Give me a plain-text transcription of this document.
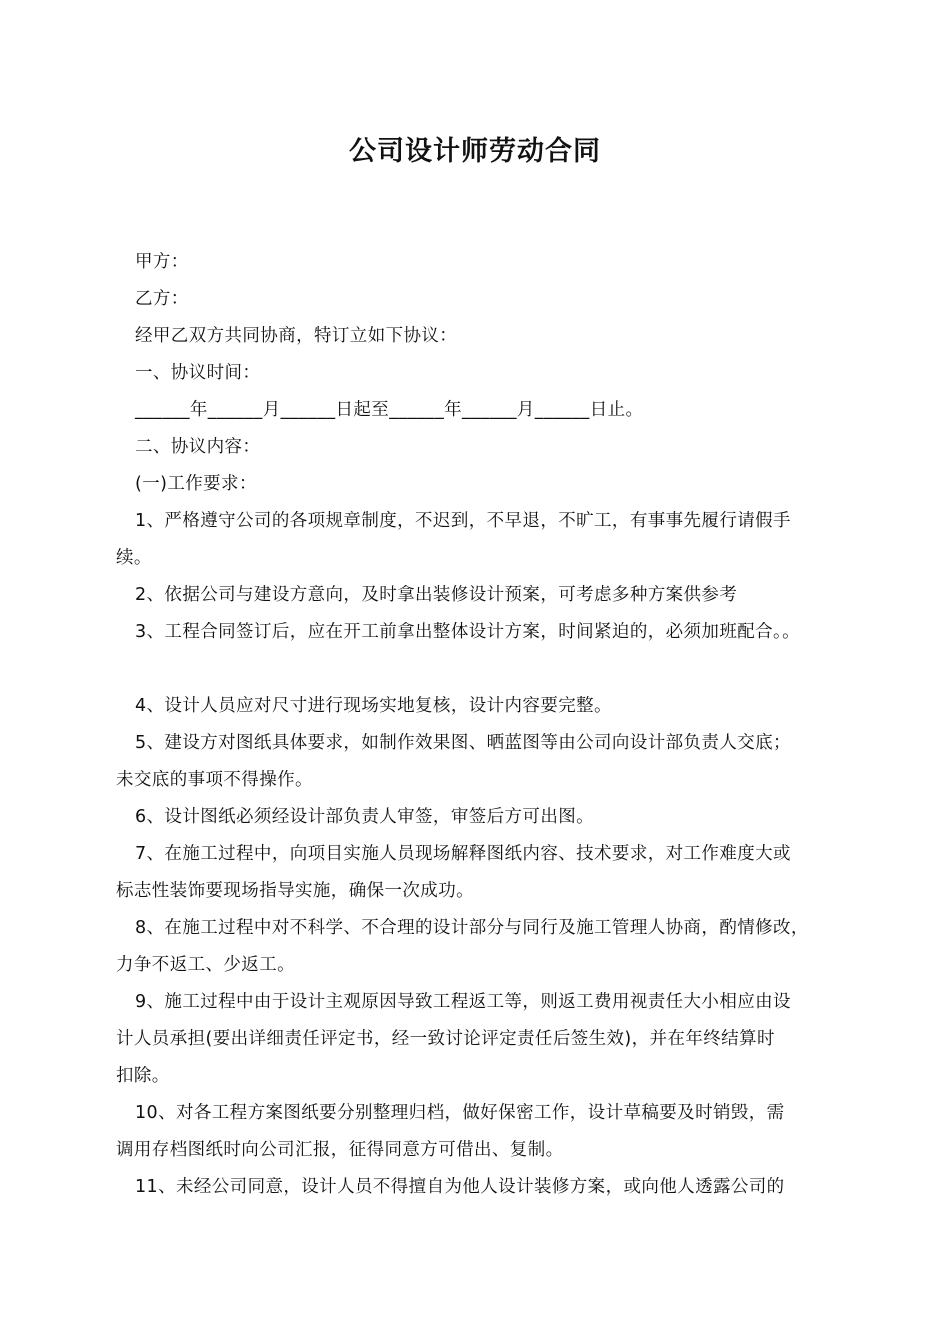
公司设计师劳动合同

甲方：

乙方：

经甲乙双方共同协商，特订立如下协议：

一、协议时间：

______年______月______日起至______年______月______日止。

二、协议内容：

(一)工作要求：

1、严格遵守公司的各项规章制度，不迟到，不早退，不旷工，有事事先履行请假手

续。

2、依据公司与建设方意向，及时拿出装修设计预案，可考虑多种方案供参考

3、工程合同签订后，应在开工前拿出整体设计方案，时间紧迫的，必须加班配合。。

4、设计人员应对尺寸进行现场实地复核，设计内容要完整。

5、建设方对图纸具体要求，如制作效果图、晒蓝图等由公司向设计部负责人交底；

未交底的事项不得操作。

6、设计图纸必须经设计部负责人审签，审签后方可出图。

7、在施工过程中，向项目实施人员现场解释图纸内容、技术要求，对工作难度大或

标志性装饰要现场指导实施，确保一次成功。

8、在施工过程中对不科学、不合理的设计部分与同行及施工管理人协商，酌情修改，

力争不返工、少返工。

9、施工过程中由于设计主观原因导致工程返工等，则返工费用视责任大小相应由设

计人员承担(要出详细责任评定书，经一致讨论评定责任后签生效)，并在年终结算时

扣除。

10、对各工程方案图纸要分别整理归档，做好保密工作，设计草稿要及时销毁，需

调用存档图纸时向公司汇报，征得同意方可借出、复制。

11、未经公司同意，设计人员不得擅自为他人设计装修方案，或向他人透露公司的
